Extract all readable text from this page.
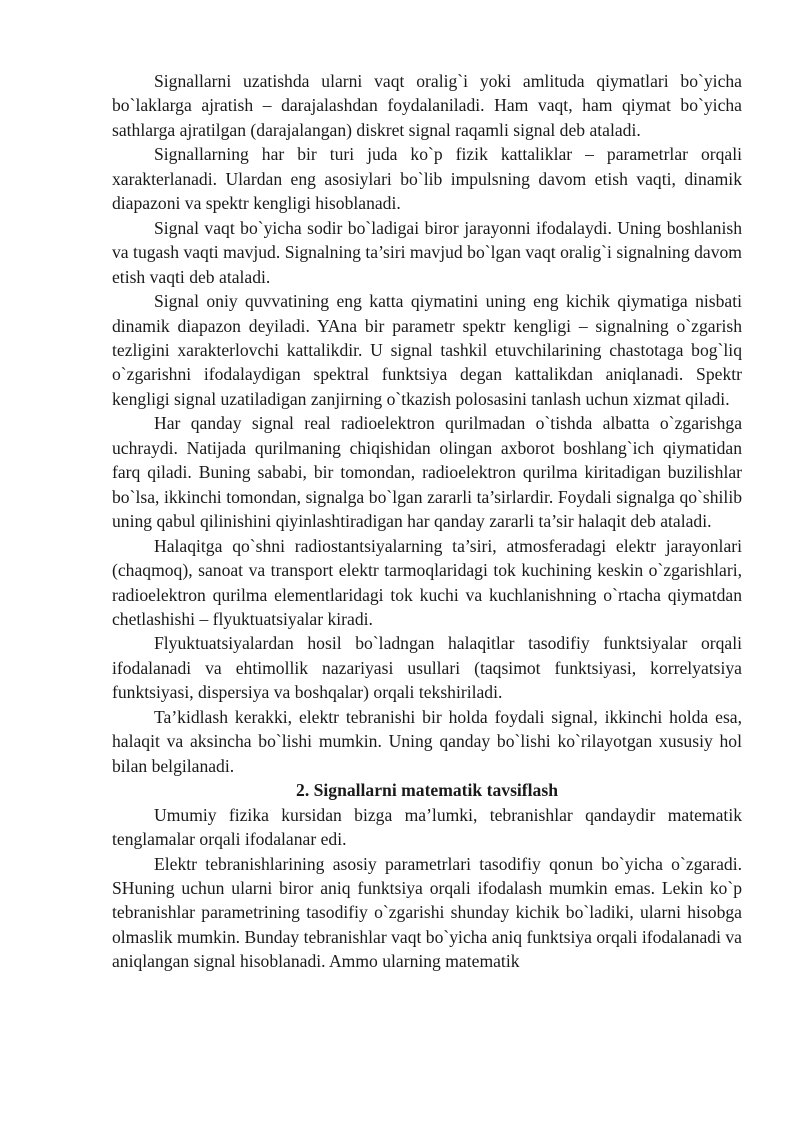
Signallarni uzatishda ularni vaqt oralig`i yoki amlituda qiymatlari bo`yicha bo`laklarga ajratish – darajalashdan foydalaniladi. Ham vaqt, ham qiymat bo`yicha sathlarga ajratilgan (darajalangan) diskret signal raqamli signal deb ataladi.

Signallarning har bir turi juda ko`p fizik kattaliklar – parametrlar orqali xarakterlanadi. Ulardan eng asosiylari bo`lib impulsning davom etish vaqti, dinamik diapazoni va spektr kengligi hisoblanadi.

Signal vaqt bo`yicha sodir bo`ladigai biror jarayonni ifodalaydi. Uning boshlanish va tugash vaqti mavjud. Signalning ta’siri mavjud bo`lgan vaqt oralig`i signalning davom etish vaqti deb ataladi.

Signal oniy quvvatining eng katta qiymatini uning eng kichik qiymatiga nisbati dinamik diapazon deyiladi. YAna bir parametr spektr kengligi – signalning o`zgarish tezligini xarakterlovchi kattalikdir. U signal tashkil etuvchilarining chastotaga bog`liq o`zgarishni ifodalaydigan spektral funktsiya degan kattalikdan aniqlanadi. Spektr kengligi signal uzatiladigan zanjirning o`tkazish polosasini tanlash uchun xizmat qiladi.

Har qanday signal real radioelektron qurilmadan o`tishda albatta o`zgarishga uchraydi. Natijada qurilmaning chiqishidan olingan axborot boshlang`ich qiymatidan farq qiladi. Buning sababi, bir tomondan, radioelektron qurilma kiritadigan buzilishlar bo`lsa, ikkinchi tomondan, signalga bo`lgan zararli ta’sirlardir. Foydali signalga qo`shilib uning qabul qilinishini qiyinlashtiradigan har qanday zararli ta’sir halaqit deb ataladi.

Halaqitga qo`shni radiostantsiyalarning ta’siri, atmosferadagi elektr jarayonlari (chaqmoq), sanoat va transport elektr tarmoqlaridagi tok kuchining keskin o`zgarishlari, radioelektron qurilma elementlaridagi tok kuchi va kuchlanishning o`rtacha qiymatdan chetlashishi – flyuktuatsiyalar kiradi.

Flyuktuatsiyalardan hosil bo`ladngan halaqitlar tasodifiy funktsiyalar orqali ifodalanadi va ehtimollik nazariyasi usullari (taqsimot funktsiyasi, korrelyatsiya funktsiyasi, dispersiya va boshqalar) orqali tekshiriladi.

Ta’kidlash kerakki, elektr tebranishi bir holda foydali signal, ikkinchi holda esa, halaqit va aksincha bo`lishi mumkin. Uning qanday bo`lishi ko`rilayotgan xususiy hol bilan belgilanadi.

2. Signallarni matematik tavsiflash

Umumiy fizika kursidan bizga ma’lumki, tebranishlar qandaydir matematik tenglamalar orqali ifodalanar edi.

Elektr tebranishlarining asosiy parametrlari tasodifiy qonun bo`yicha o`zgaradi. SHuning uchun ularni biror aniq funktsiya orqali ifodalash mumkin emas. Lekin ko`p tebranishlar parametrining tasodifiy o`zgarishi shunday kichik bo`ladiki, ularni hisobga olmaslik mumkin. Bunday tebranishlar vaqt bo`yicha aniq funktsiya orqali ifodalanadi va aniqlangan signal hisoblanadi. Ammo ularning matematik
